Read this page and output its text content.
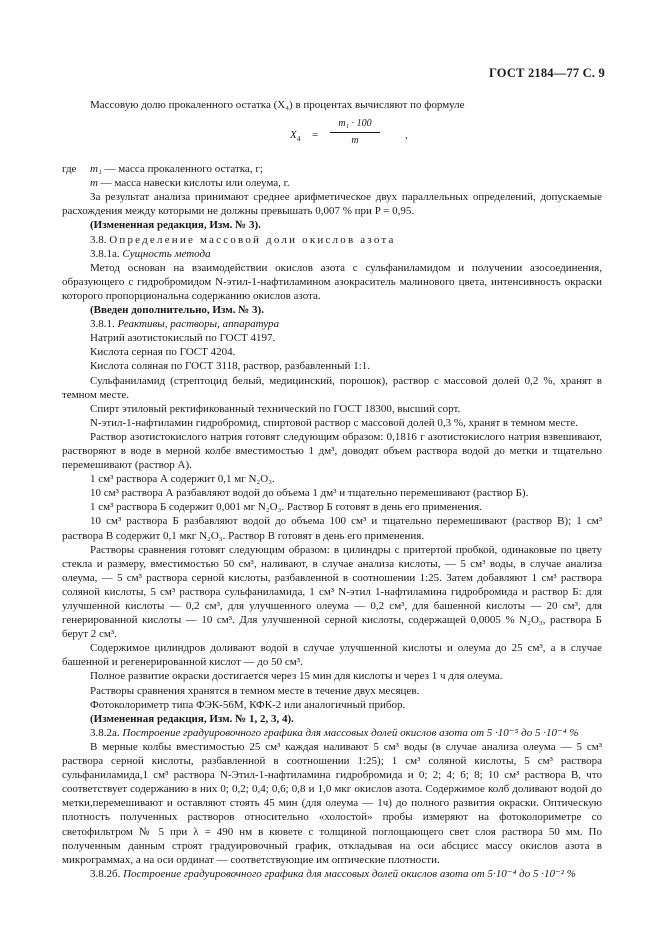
ГОСТ 2184—77 С. 9

Массовую долю прокаленного остатка (X₄) в процентах вычисляют по формуле

$X_4 = \frac{\text{m₁ · 100}}{m}$ ,
где	m₁ — масса прокаленного остатка, г;
m — масса навески кислоты или олеума, г.

За результат анализа принимают среднее арифметическое двух параллельных определений, допускаемые расхождения между которыми не должны превышать 0,007 % при P = 0,95.

(Измененная редакция, Изм. № 3).

3.8. Определение массовой доли окислов азота

3.8.1а. Сущность метода

Метод основан на взаимодействии окислов азота с сульфаниламидом и получении азосоединения, образующего с гидробромидом N-этил-1-нафтиламином азокраситель малинового цвета, интенсивность окраски которого пропорциональна содержанию окислов азота.

(Введен дополнительно, Изм. № 3).

3.8.1. Реактивы, растворы, аппаратура

Натрий азотистокислый по ГОСТ 4197.

Кислота серная по ГОСТ 4204.

Кислота соляная по ГОСТ 3118, раствор, разбавленный 1:1.

Сульфаниламид (стрептоцид белый, медицинский, порошок), раствор с массовой долей 0,2 %, хранят в темном месте.

Спирт этиловый ректификованный технический по ГОСТ 18300, высший сорт.

N-этил-1-нафтиламин гидробромид, спиртовой раствор с массовой долей 0,3 %, хранят в темном месте.

Раствор азотистокислого натрия готовят следующим образом: 0,1816 г азотистокислого натрия взвешивают, растворяют в воде в мерной колбе вместимостью 1 дм³, доводят объем раствора водой до метки и тщательно перемешивают (раствор А).

1 см³ раствора А содержит 0,1 мг N₂O₃.

10 см³ раствора А разбавляют водой до объема 1 дм³ и тщательно перемешивают (раствор Б).

1 см³ раствора Б содержит 0,001 мг N₂O₃. Раствор Б готовят в день его применения.

10 см³ раствора Б разбавляют водой до объема 100 см³ и тщательно перемешивают (раствор В); 1 см³ раствора В содержит 0,1 мкг N₂O₃. Раствор В готовят в день его применения.

Растворы сравнения готовят следующим образом: в цилиндры с притертой пробкой, одинаковые по цвету стекла и размеру, вместимостью 50 см³, наливают, в случае анализа кислоты, — 5 см³ воды, в случае анализа олеума, — 5 см³ раствора серной кислоты, разбавленной в соотношении 1:25. Затем добавляют 1 см³ раствора соляной кислоты, 5 см³ раствора сульфаниламида, 1 см³ N-этил 1-нафтиламина гидробромида и раствор Б: для улучшенной кислоты — 0,2 см³, для улучшенного олеума — 0,2 см³, для башенной кислоты — 20 см³, для генерированной кислоты — 10 см³. Для улучшенной серной кислоты, содержащей 0,0005 % N₂O₃, раствора Б берут 2 см³.

Содержимое цилиндров доливают водой в случае улучшенной кислоты и олеума до 25 см³, а в случае башенной и регенерированной кислот — до 50 см³.

Полное развитие окраски достигается через 15 мин для кислоты и через 1 ч для олеума.

Растворы сравнения хранятся в темном месте в течение двух месяцев.

Фотоколориметр типа ФЭК-56М, КФК-2 или аналогичный прибор.

(Измененная редакция, Изм. № 1, 2, 3, 4).

3.8.2а. Построение градуировочного графика для массовых долей окислов азота от 5 ·10⁻⁵ до 5 ·10⁻⁴ %

В мерные колбы вместимостью 25 см³ каждая наливают 5 см³ воды (в случае анализа олеума — 5 см³ раствора серной кислоты, разбавленной в соотношении 1:25); 1 см³ соляной кислоты, 5 см³ раствора сульфаниламида,1 см³ раствора N-Этил-1-нафтиламина гидробромида и 0; 2; 4; 6; 8; 10 см³ раствора В, что соответствует содержанию в них 0; 0,2; 0,4; 0,6; 0,8 и 1,0 мкг окислов азота. Содержимое колб доливают водой до метки,перемешивают и оставляют стоять 45 мин (для олеума — 1ч) до полного развития окраски. Оптическую плотность полученных растворов относительно «холостой» пробы измеряют на фотоколориметре со светофильтром № 5 при λ = 490 нм в кювете с толщиной поглощающего свет слоя раствора 50 мм. По полученным данным строят градуировочный график, откладывая на оси абсцисс массу окислов азота в микрограммах, а на оси ординат — соответствующие им оптические плотности.

3.8.2б. Построение градуировочного графика для массовых долей окислов азота от 5·10⁻⁴ до 5 ·10⁻² %
